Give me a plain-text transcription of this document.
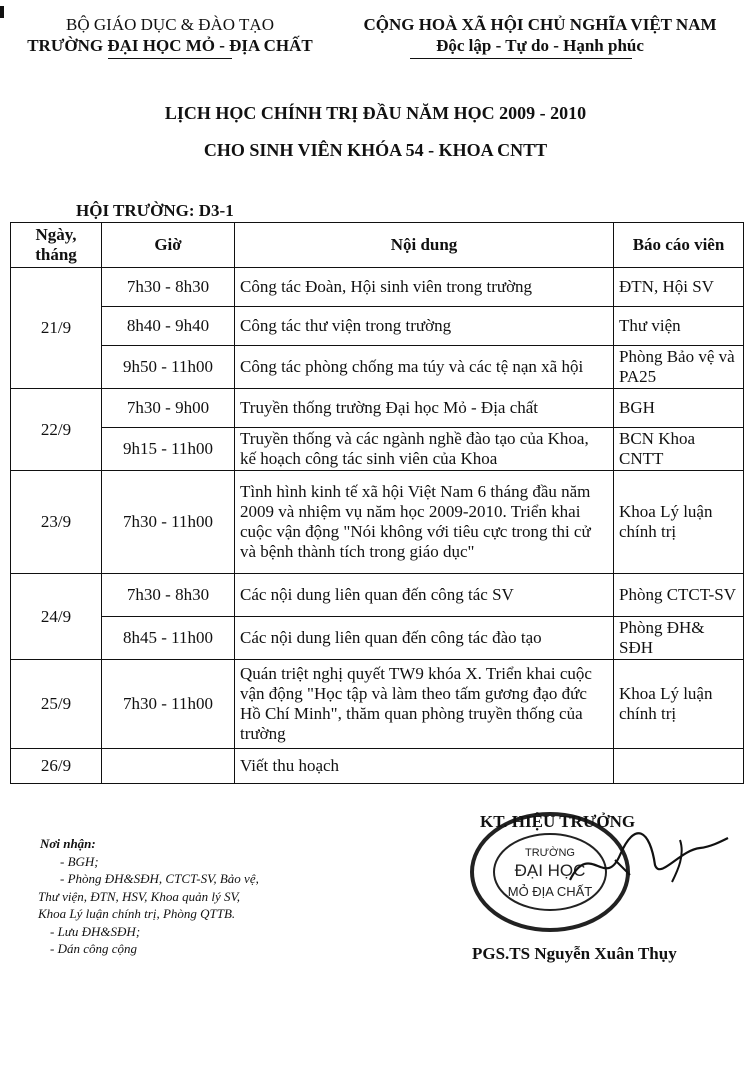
BỘ GIÁO DỤC & ĐÀO TẠO
TRƯỜNG ĐẠI HỌC MỎ - ĐỊA CHẤT
CỘNG HOÀ XÃ HỘI CHỦ NGHĨA VIỆT NAM
Độc lập - Tự do - Hạnh phúc
LỊCH HỌC CHÍNH TRỊ ĐẦU NĂM HỌC 2009 - 2010
CHO SINH VIÊN KHÓA 54 - KHOA CNTT
HỘI TRƯỜNG: D3-1
Ngày,
tháng	Giờ	Nội dung	Báo cáo viên
21/9	7h30 - 8h30	Công tác Đoàn, Hội sinh viên trong trường	ĐTN, Hội SV
	8h40 - 9h40	Công tác thư viện trong trường	Thư viện
	9h50 - 11h00	Công tác phòng chống ma túy và các tệ nạn xã hội	Phòng Bảo vệ và PA25
22/9	7h30 - 9h00	Truyền thống trường Đại học Mỏ - Địa chất	BGH
	9h15 - 11h00	Truyền thống và các ngành nghề đào tạo của Khoa, kế hoạch công tác sinh viên của Khoa	BCN Khoa CNTT
23/9	7h30 - 11h00	Tình hình kinh tế xã hội Việt Nam 6 tháng đầu năm 2009 và nhiệm vụ năm học 2009-2010. Triển khai cuộc vận động "Nói không với tiêu cực trong thi cử và bệnh thành tích trong giáo dục"	Khoa Lý luận chính trị
24/9	7h30 - 8h30	Các nội dung liên quan đến công tác SV	Phòng CTCT-SV
	8h45 - 11h00	Các nội dung liên quan đến công tác đào tạo	Phòng ĐH& SĐH
25/9	7h30 - 11h00	Quán triệt nghị quyết TW9 khóa X. Triển khai cuộc vận động "Học tập và làm theo tấm gương đạo đức Hồ Chí Minh", thăm quan phòng truyền thống của trường	Khoa Lý luận chính trị
26/9		Viết thu hoạch	
Nơi nhận:
- BGH;
- Phòng ĐH&SĐH, CTCT-SV, Bảo vệ,
Thư viện, ĐTN, HSV, Khoa quản lý SV,
Khoa Lý luận chính trị, Phòng QTTB.
- Lưu ĐH&SĐH;
- Dán công cộng
TRƯỜNG
ĐẠI HỌC
MỎ ĐỊA CHẤT
KT. HIỆU TRƯỞNG
PGS.TS Nguyễn Xuân Thụy
